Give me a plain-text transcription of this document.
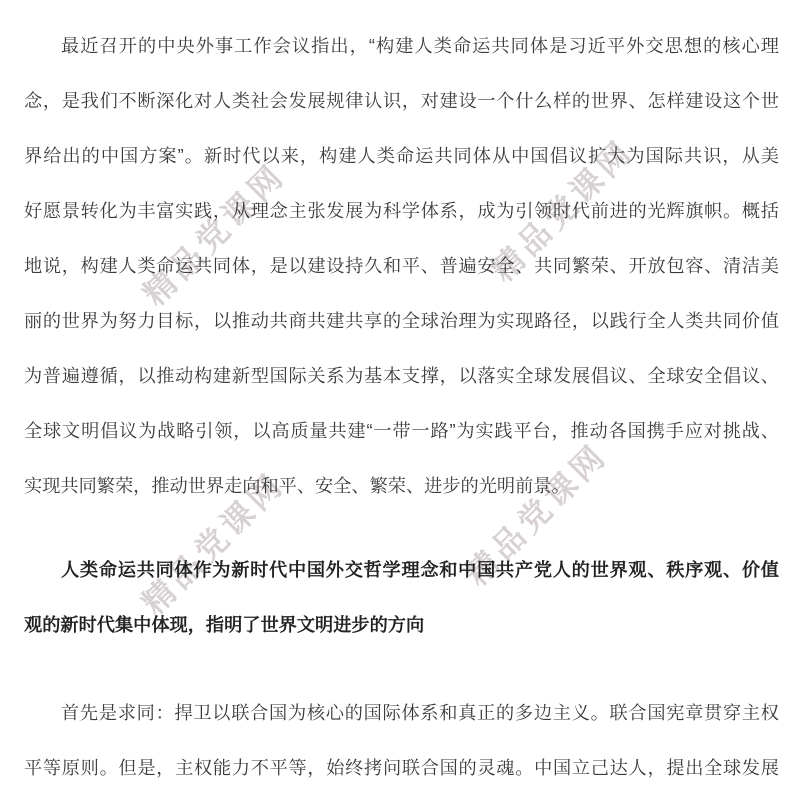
精品党课网	精品党课网
精品党课网	精品党课网
最近召开的中央外事工作会议指出，“构建人类命运共同体是习近平外交思想的核心理
念，是我们不断深化对人类社会发展规律认识，对建设一个什么样的世界、怎样建设这个世
界给出的中国方案”。新时代以来，构建人类命运共同体从中国倡议扩大为国际共识，从美
好愿景转化为丰富实践，从理念主张发展为科学体系，成为引领时代前进的光辉旗帜。概括
地说，构建人类命运共同体，是以建设持久和平、普遍安全、共同繁荣、开放包容、清洁美
丽的世界为努力目标，以推动共商共建共享的全球治理为实现路径，以践行全人类共同价值
为普遍遵循，以推动构建新型国际关系为基本支撑，以落实全球发展倡议、全球安全倡议、
全球文明倡议为战略引领，以高质量共建“一带一路”为实践平台，推动各国携手应对挑战、
实现共同繁荣，推动世界走向和平、安全、繁荣、进步的光明前景。
人类命运共同体作为新时代中国外交哲学理念和中国共产党人的世界观、秩序观、价值
观的新时代集中体现，指明了世界文明进步的方向
首先是求同：捍卫以联合国为核心的国际体系和真正的多边主义。联合国宪章贯穿主权
平等原则。但是，主权能力不平等，始终拷问联合国的灵魂。中国立己达人，提出全球发展
